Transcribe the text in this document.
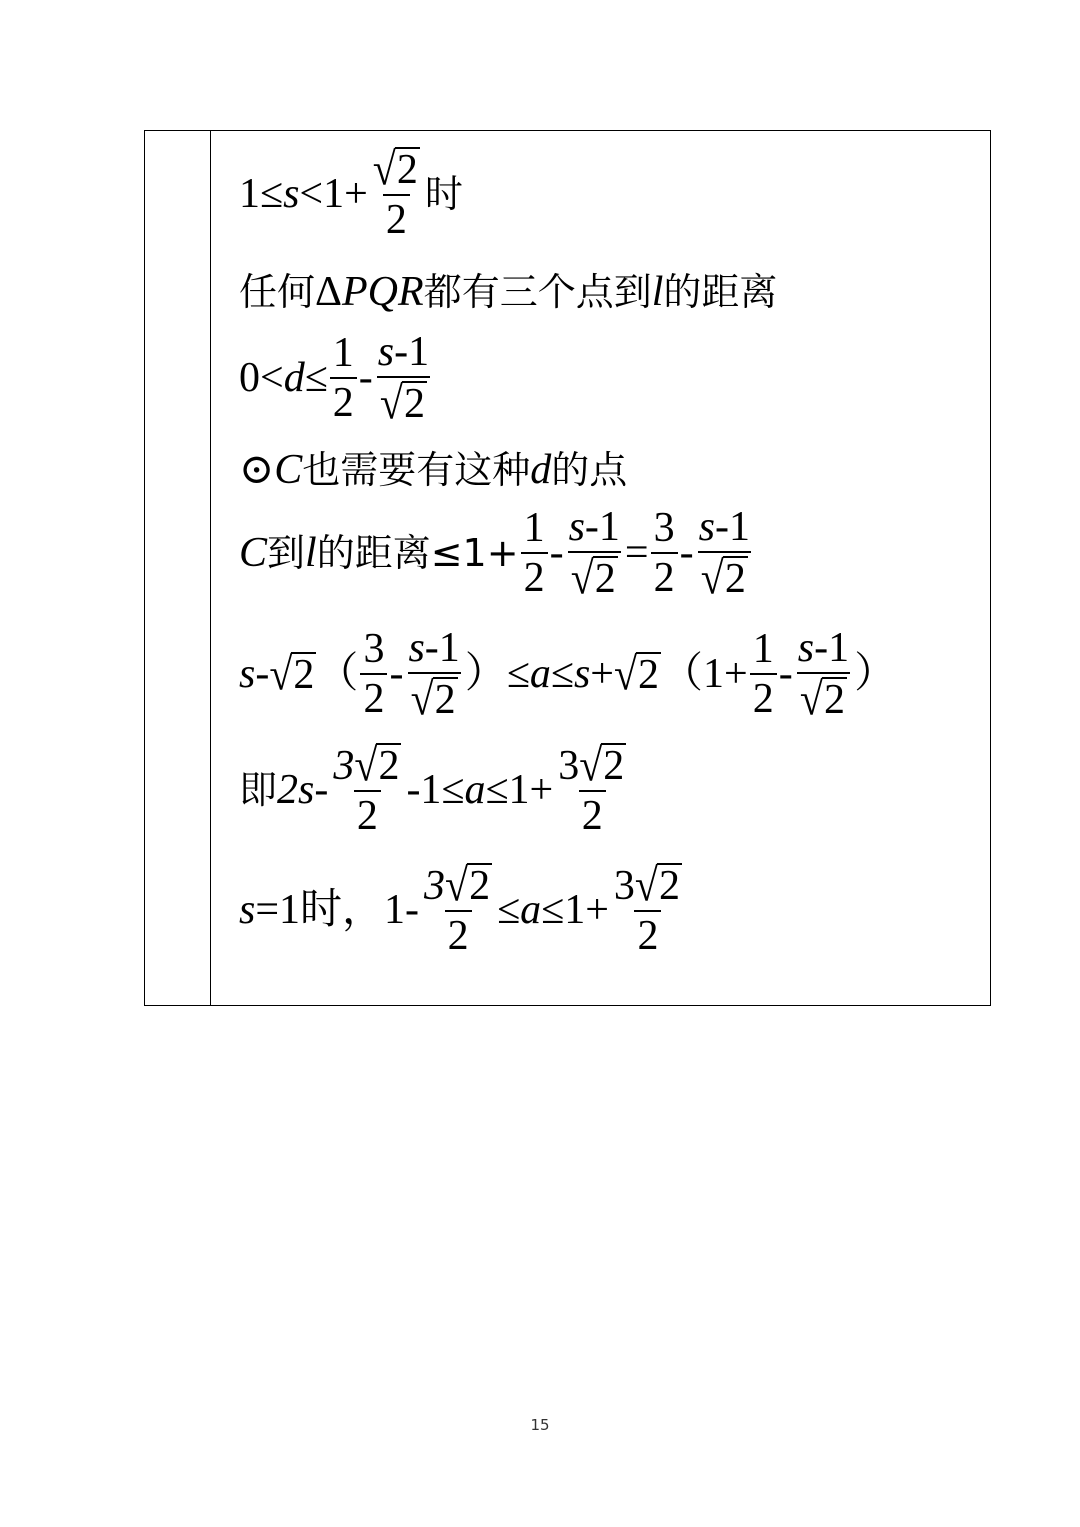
$1\le s <1+ \frac{√ 2}{2}$ 时
任何 Δ PQR 都有三个点到 l 的距离
$0< d \le \frac{1}{2} - \frac{s-1}{√ 2}$
⊙ C 也需要有这种 d 的点
C 到 l 的距离$\le 1+ \frac{1}{2} - \frac{s-1}{√ 2} = \frac{3}{2} - \frac{s-1}{√ 2}$
s - √ 2 （ $\frac{3}{2} - \frac{s-1}{√ 2}$ ） ≤ a ≤ s + √ 2 （$1+ \frac{1}{2} - \frac{s-1}{√ 2}$ ）
即 2 $s - \frac{3 √ 2}{2} -1\le a \le 1+ \frac{3 √ 2}{2}$
s =1时，$1- \frac{3 √ 2}{2} \le a \le 1+ \frac{3 √ 2}{2}$
15
